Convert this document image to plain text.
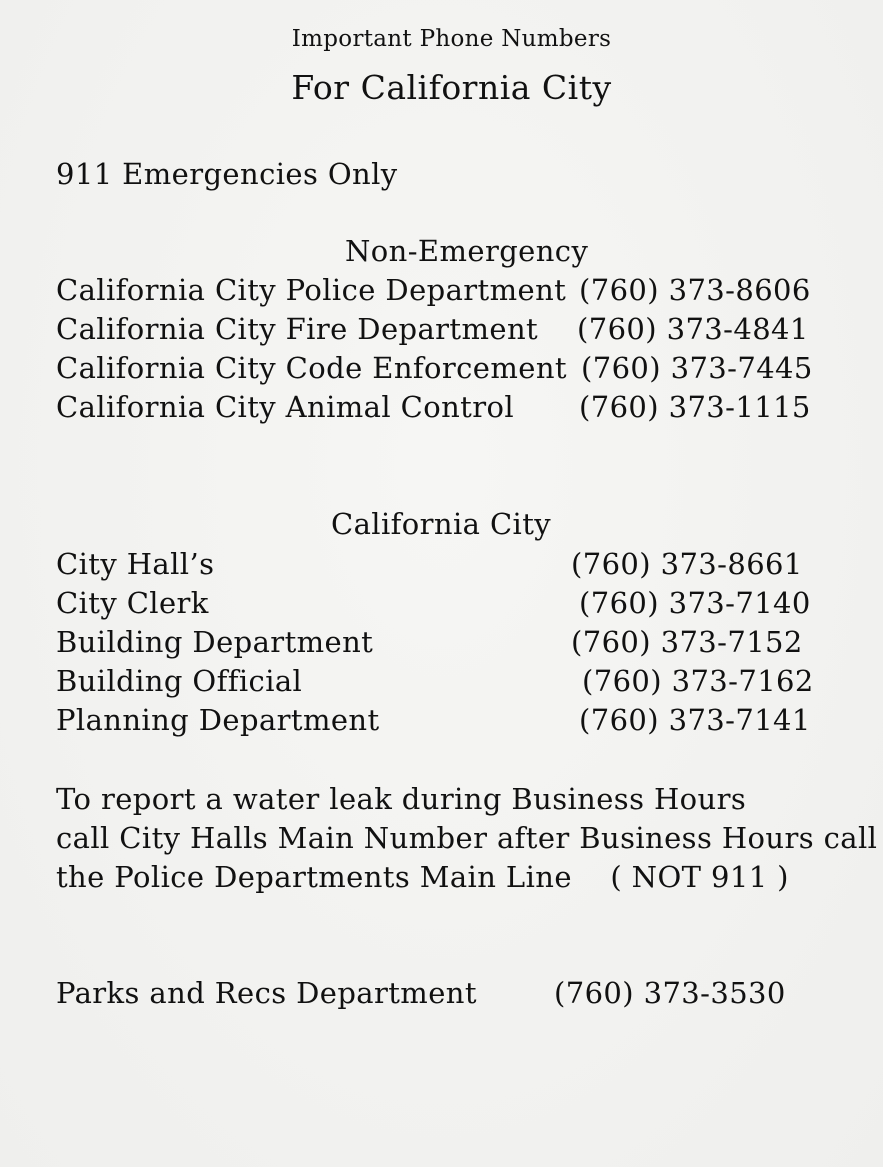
Important Phone Numbers
For California City
911 Emergencies Only
Non-Emergency
California City Police Department (760) 373-8606
California City Fire Department (760) 373-4841
California City Code Enforcement (760) 373-7445
California City Animal Control (760) 373-1115
California City
City Hall’s	(760) 373-8661
City Clerk	(760) 373-7140
Building Department	(760) 373-7152
Building Official	(760) 373-7162
Planning Department	(760) 373-7141
To report a water leak during Business Hours
call City Halls Main Number after Business Hours call
the Police Departments Main Line    ( NOT 911 )
Parks and Recs Department	(760) 373-3530
